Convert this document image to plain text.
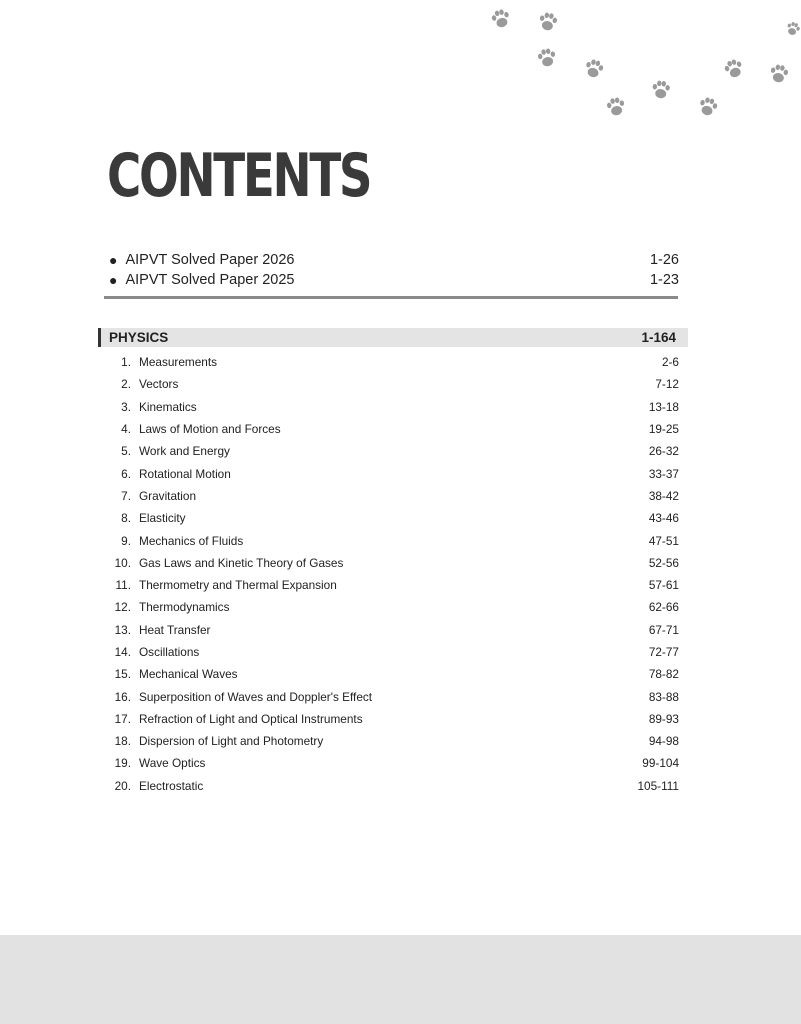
CONTENTS
● AIPVT Solved Paper 2026	1-26
● AIPVT Solved Paper 2025	1-23
PHYSICS	1-164
1. Measurements	2-6
2. Vectors	7-12
3. Kinematics	13-18
4. Laws of Motion and Forces	19-25
5. Work and Energy	26-32
6. Rotational Motion	33-37
7. Gravitation	38-42
8. Elasticity	43-46
9. Mechanics of Fluids	47-51
10. Gas Laws and Kinetic Theory of Gases	52-56
11. Thermometry and Thermal Expansion	57-61
12. Thermodynamics	62-66
13. Heat Transfer	67-71
14. Oscillations	72-77
15. Mechanical Waves	78-82
16. Superposition of Waves and Doppler's Effect	83-88
17. Refraction of Light and Optical Instruments	89-93
18. Dispersion of Light and Photometry	94-98
19. Wave Optics	99-104
20. Electrostatic	105-111
